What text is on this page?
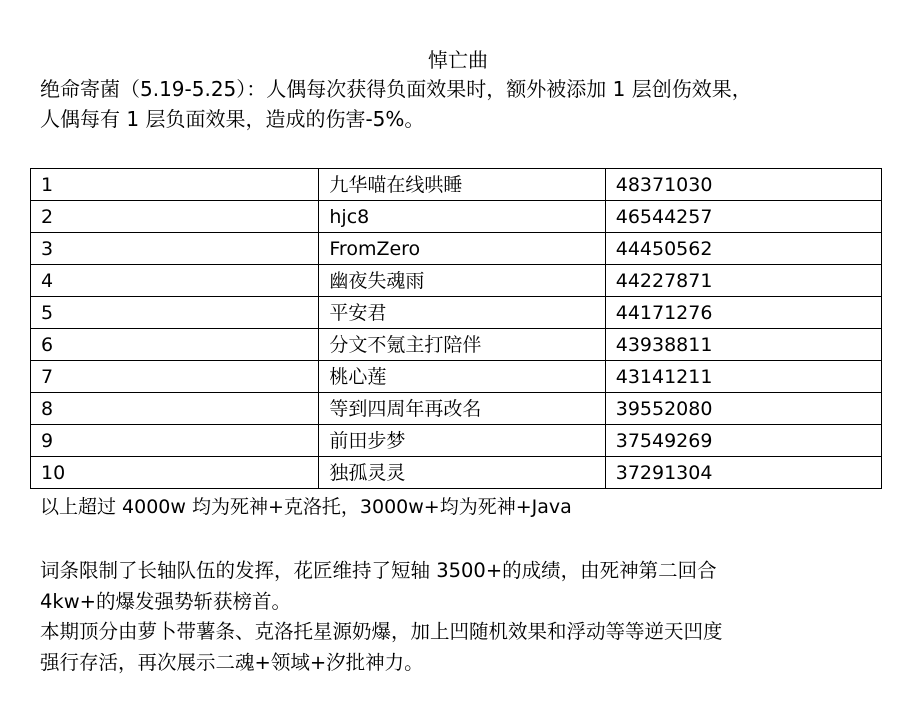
悼亡曲

绝命寄菌（5.19-5.25）：人偶每次获得负面效果时，额外被添加 1 层创伤效果，
人偶每有 1 层负面效果，造成的伤害-5%。

1	九华喵在线哄睡	48371030
2	hjc8	46544257
3	FromZero	44450562
4	幽夜失魂雨	44227871
5	平安君	44171276
6	分文不氪主打陪伴	43938811
7	桃心莲	43141211
8	等到四周年再改名	39552080
9	前田步梦	37549269
10	独孤灵灵	37291304

以上超过 4000w 均为死神+克洛托，3000w+均为死神+Java

词条限制了长轴队伍的发挥，花匠维持了短轴 3500+的成绩，由死神第二回合
4kw+的爆发强势斩获榜首。
本期顶分由萝卜带薯条、克洛托星源奶爆，加上凹随机效果和浮动等等逆天凹度
强行存活，再次展示二魂+领域+汐批神力。
